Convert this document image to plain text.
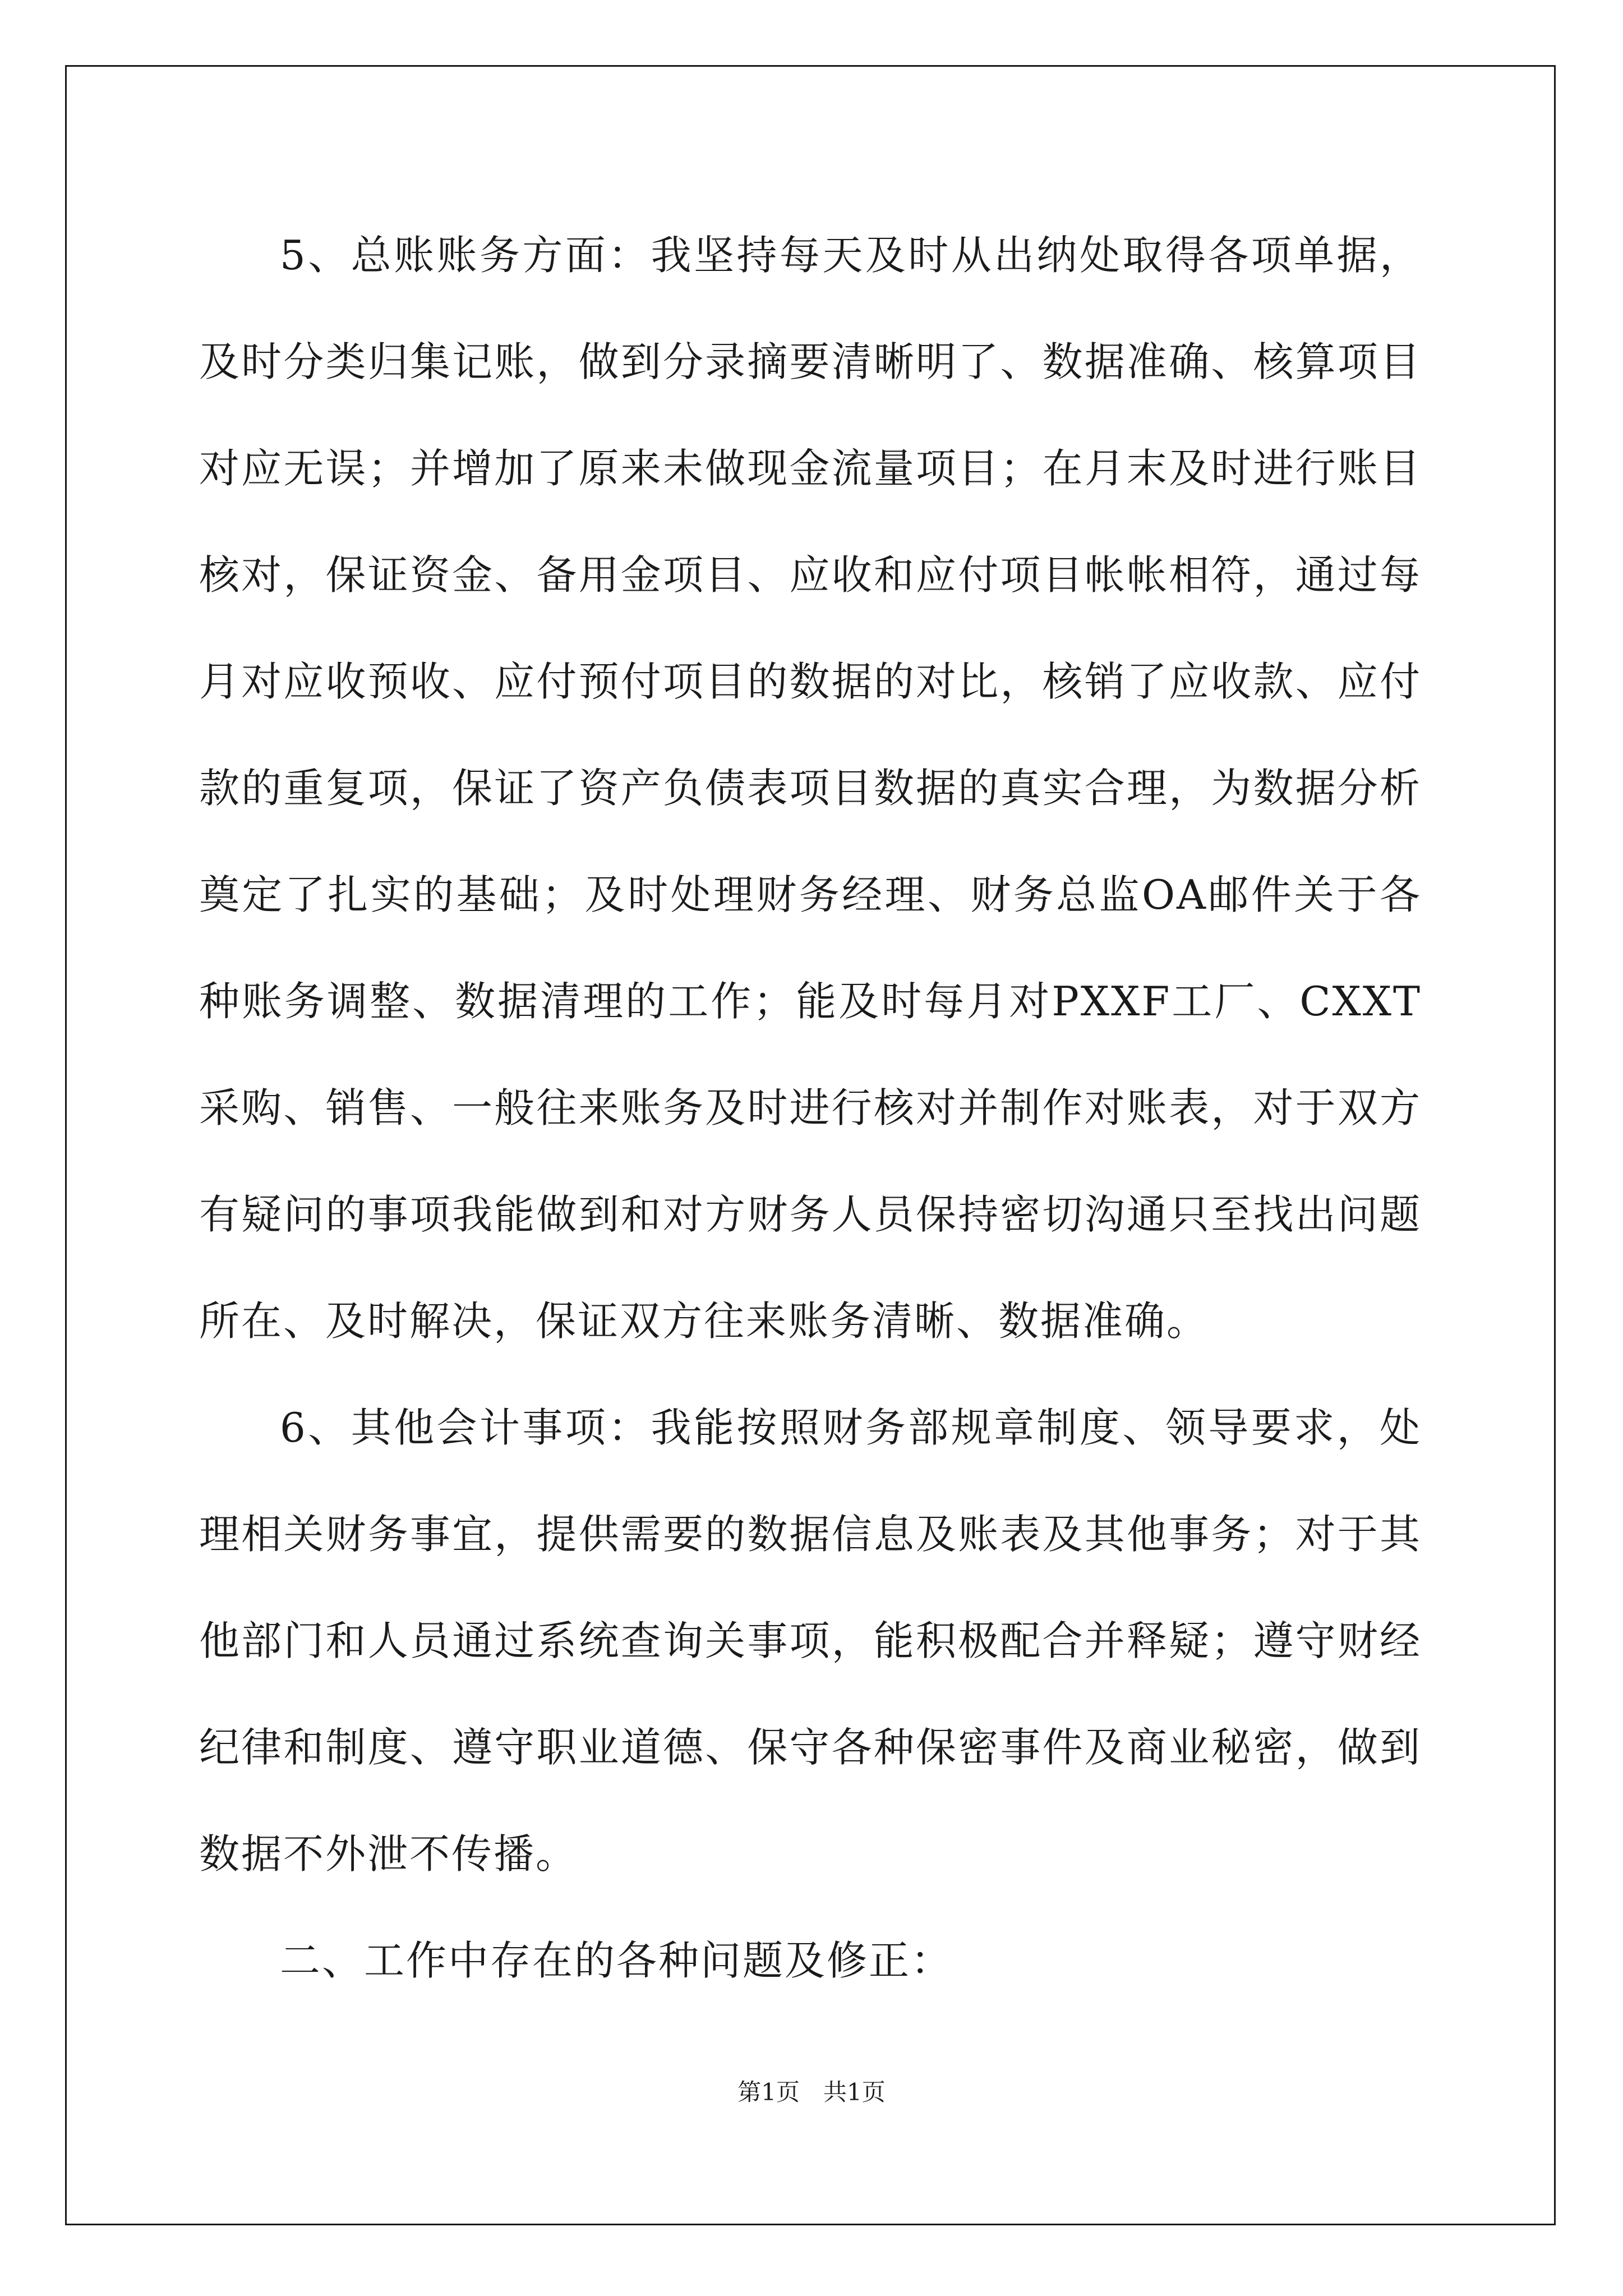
5、总账账务方面：我坚持每天及时从出纳处取得各项单据，及时分类归集记账，做到分录摘要清晰明了、数据准确、核算项目对应无误；并增加了原来未做现金流量项目；在月末及时进行账目核对，保证资金、备用金项目、应收和应付项目帐帐相符，通过每月对应收预收、应付预付项目的数据的对比，核销了应收款、应付款的重复项，保证了资产负债表项目数据的真实合理，为数据分析奠定了扎实的基础；及时处理财务经理、财务总监OA邮件关于各种账务调整、数据清理的工作；能及时每月对PXXF工厂、CXXT采购、销售、一般往来账务及时进行核对并制作对账表，对于双方有疑问的事项我能做到和对方财务人员保持密切沟通只至找出问题所在、及时解决，保证双方往来账务清晰、数据准确。

6、其他会计事项：我能按照财务部规章制度、领导要求，处理相关财务事宜，提供需要的数据信息及账表及其他事务；对于其他部门和人员通过系统查询关事项，能积极配合并释疑；遵守财经纪律和制度、遵守职业道德、保守各种保密事件及商业秘密，做到数据不外泄不传播。

二、工作中存在的各种问题及修正：

第1页　共1页
